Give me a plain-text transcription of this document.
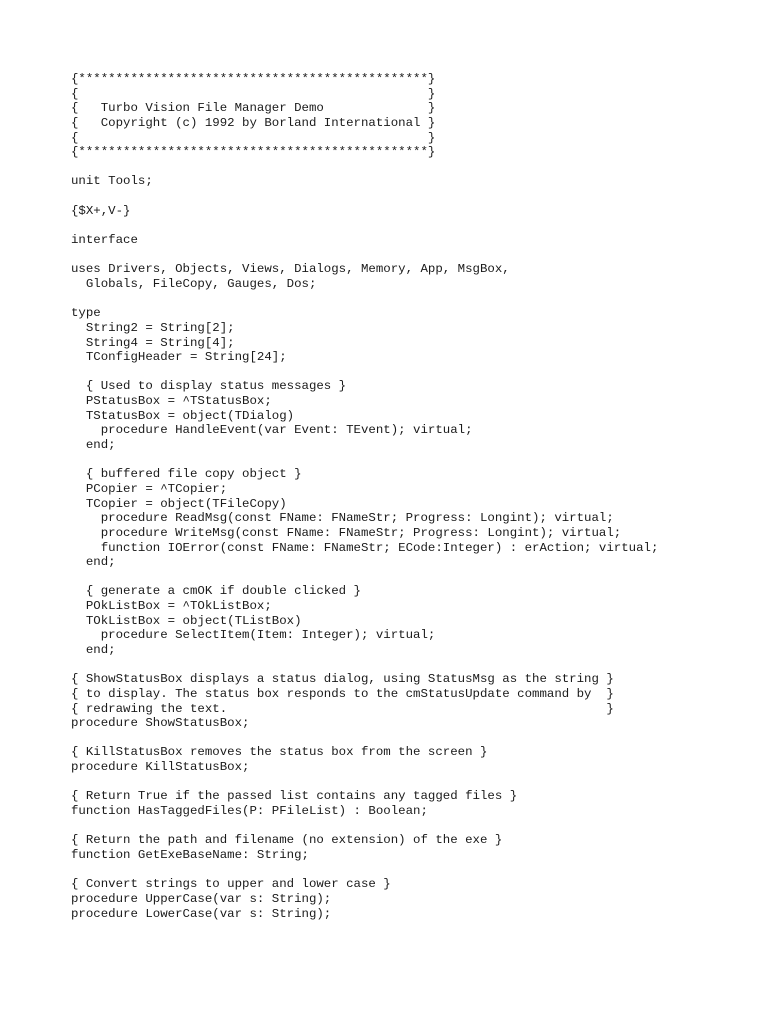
{***********************************************}
{                                               }
{   Turbo Vision File Manager Demo              }
{   Copyright (c) 1992 by Borland International }
{                                               }
{***********************************************}
unit Tools;
{$X+,V-}
interface
uses Drivers, Objects, Views, Dialogs, Memory, App, MsgBox,
Globals, FileCopy, Gauges, Dos;
type
String2 = String[2];
String4 = String[4];
TConfigHeader = String[24];
{ Used to display status messages }
PStatusBox = ^TStatusBox;
TStatusBox = object(TDialog)
procedure HandleEvent(var Event: TEvent); virtual;
end;
{ buffered file copy object }
PCopier = ^TCopier;
TCopier = object(TFileCopy)
procedure ReadMsg(const FName: FNameStr; Progress: Longint); virtual;
procedure WriteMsg(const FName: FNameStr; Progress: Longint); virtual;
function IOError(const FName: FNameStr; ECode:Integer) : erAction; virtual;
end;
{ generate a cmOK if double clicked }
POkListBox = ^TOkListBox;
TOkListBox = object(TListBox)
procedure SelectItem(Item: Integer); virtual;
end;
{ ShowStatusBox displays a status dialog, using StatusMsg as the string }
{ to display. The status box responds to the cmStatusUpdate command by  }
{ redrawing the text.                                                   }
procedure ShowStatusBox;
{ KillStatusBox removes the status box from the screen }
procedure KillStatusBox;
{ Return True if the passed list contains any tagged files }
function HasTaggedFiles(P: PFileList) : Boolean;
{ Return the path and filename (no extension) of the exe }
function GetExeBaseName: String;
{ Convert strings to upper and lower case }
procedure UpperCase(var s: String);
procedure LowerCase(var s: String);
